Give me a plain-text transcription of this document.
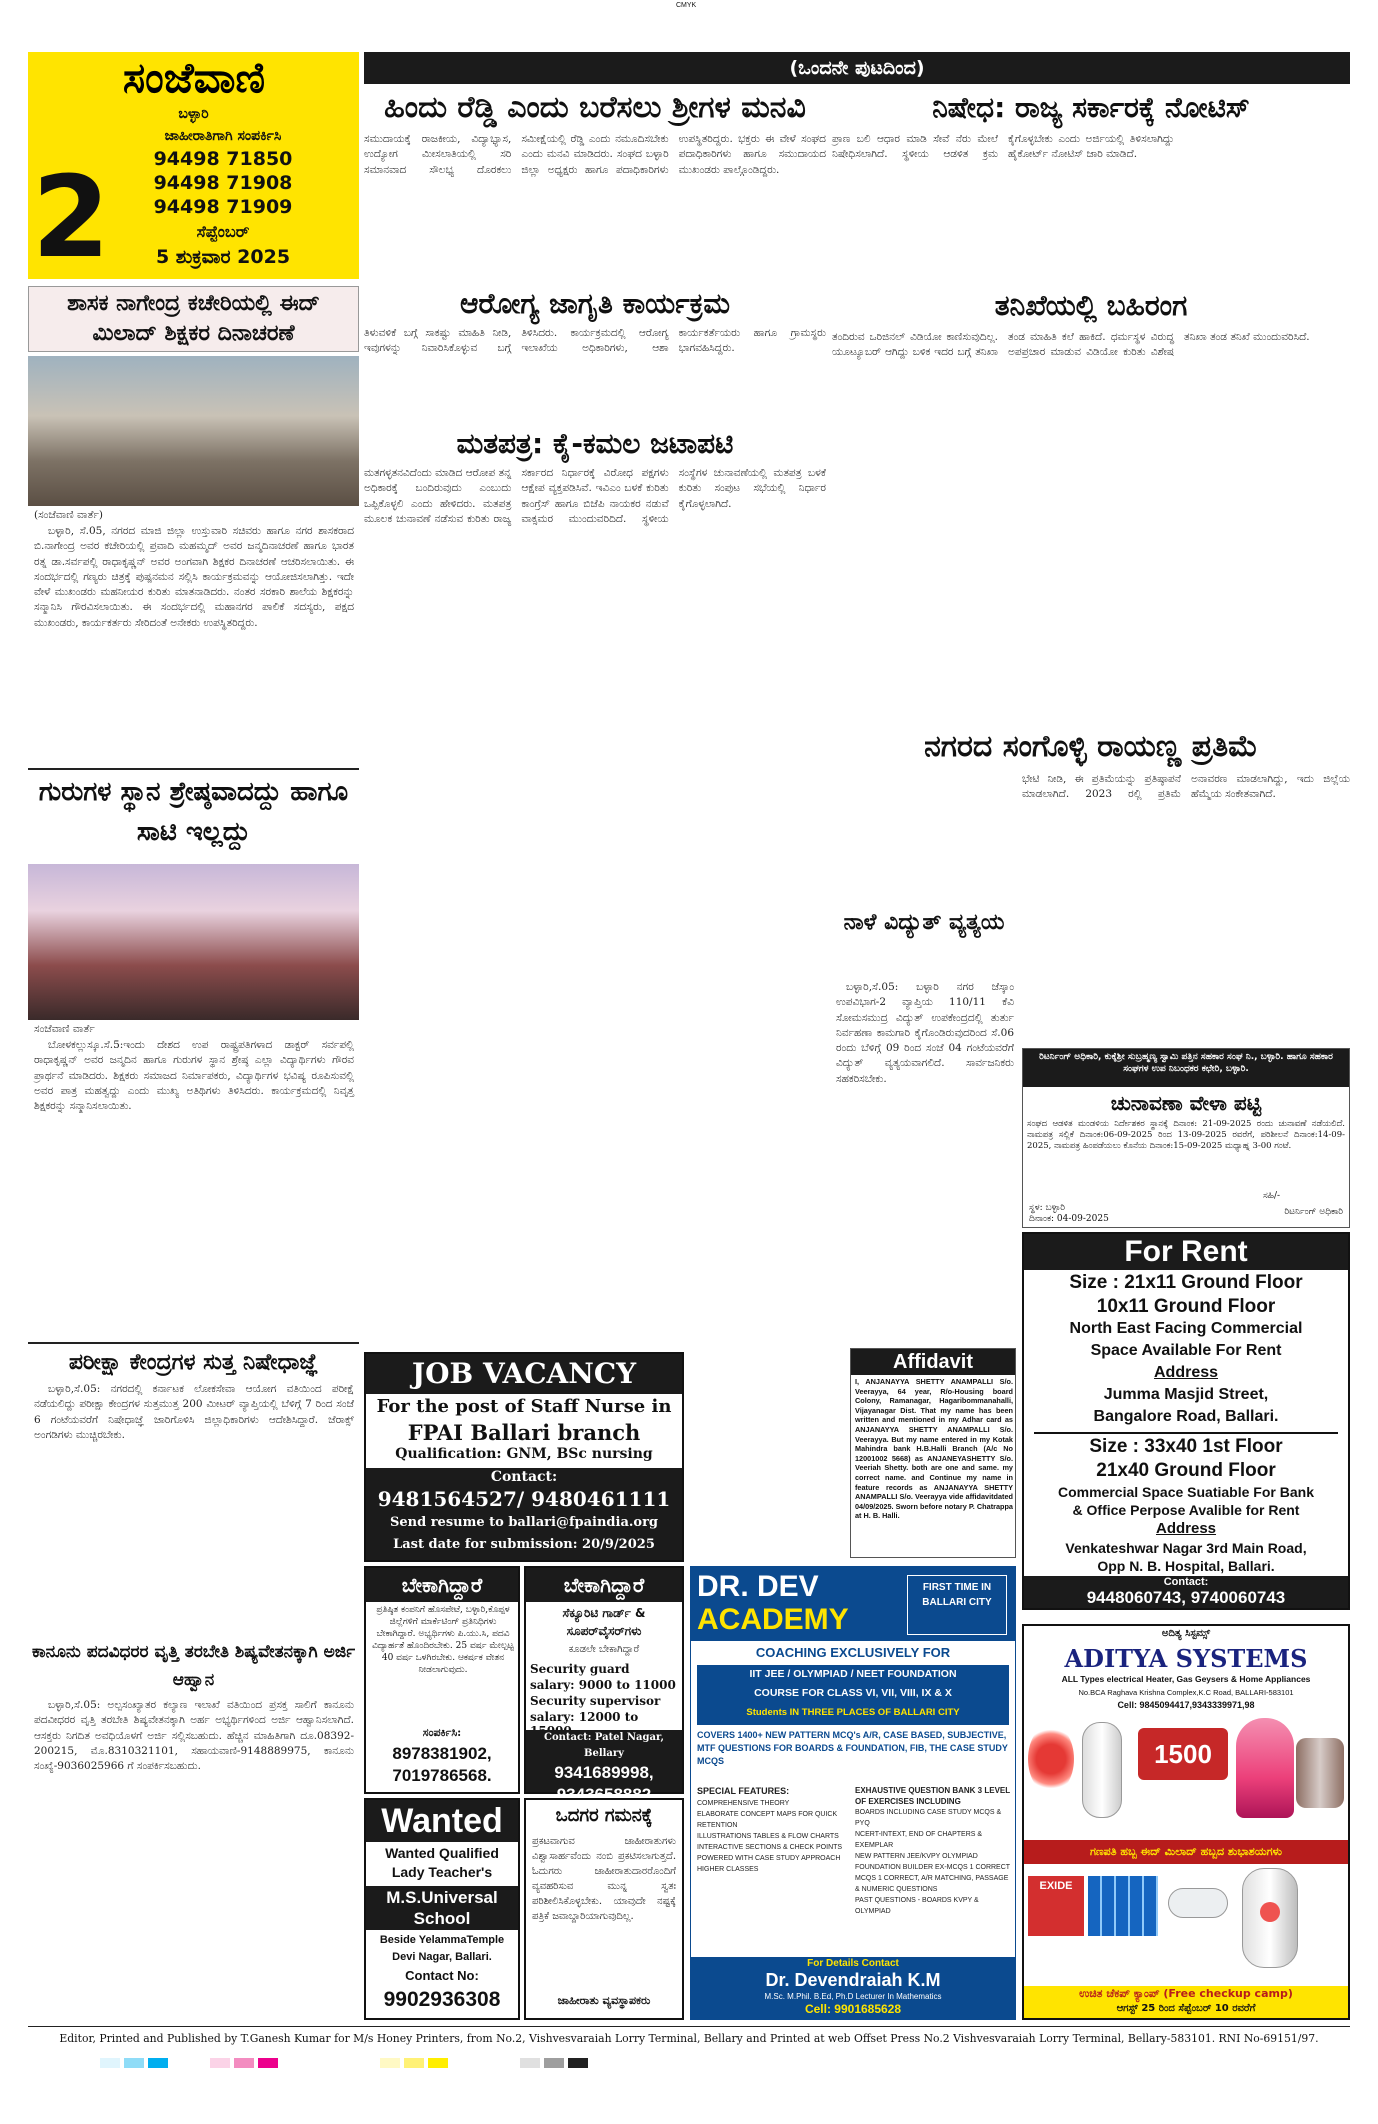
CMYK
ಸಂಜೆವಾಣಿ
ಬಳ್ಳಾರಿ
ಜಾಹೀರಾತಿಗಾಗಿ ಸಂಪರ್ಕಿಸಿ
2	94498 71850
94498 71908
94498 71909
ಸೆಪ್ಟೆಂಬರ್
5 ಶುಕ್ರವಾರ 2025
(ಒಂದನೇ ಪುಟದಿಂದ)
ಶಾಸಕ ನಾಗೇಂದ್ರ ಕಚೇರಿಯಲ್ಲಿ ಈದ್ ಮಿಲಾದ್ ಶಿಕ್ಷಕರ ದಿನಾಚರಣೆ
(ಸಂಜೆವಾಣಿ ವಾರ್ತೆ)
ಬಳ್ಳಾರಿ, ಸೆ.05, ನಗರದ ಮಾಜಿ ಜಿಲ್ಲಾ ಉಸ್ತುವಾರಿ ಸಚಿವರು ಹಾಗೂ ನಗರ ಶಾಸಕರಾದ ಬಿ.ನಾಗೇಂದ್ರ ಅವರ ಕಚೇರಿಯಲ್ಲಿ ಪ್ರವಾದಿ ಮಹಮ್ಮದ್ ಅವರ ಜನ್ಮದಿನಾಚರಣೆ ಹಾಗೂ ಭಾರತ ರತ್ನ ಡಾ.ಸರ್ವಪಲ್ಲಿ ರಾಧಾಕೃಷ್ಣನ್ ಅವರ ಅಂಗವಾಗಿ ಶಿಕ್ಷಕರ ದಿನಾಚರಣೆ ಆಚರಿಸಲಾಯಿತು. ಈ ಸಂದರ್ಭದಲ್ಲಿ ಗಣ್ಯರು ಚಿತ್ರಕ್ಕೆ ಪುಷ್ಪನಮನ ಸಲ್ಲಿಸಿ ಕಾರ್ಯಕ್ರಮವನ್ನು ಆಯೋಜಿಸಲಾಗಿತ್ತು. ಇದೇ ವೇಳೆ ಮುಖಂಡರು ಮಹನೀಯರ ಕುರಿತು ಮಾತನಾಡಿದರು. ನಂತರ ಸರಕಾರಿ ಶಾಲೆಯ ಶಿಕ್ಷಕರನ್ನು ಸನ್ಮಾನಿಸಿ ಗೌರವಿಸಲಾಯಿತು. ಈ ಸಂದರ್ಭದಲ್ಲಿ ಮಹಾನಗರ ಪಾಲಿಕೆ ಸದಸ್ಯರು, ಪಕ್ಷದ ಮುಖಂಡರು, ಕಾರ್ಯಕರ್ತರು ಸೇರಿದಂತೆ ಅನೇಕರು ಉಪಸ್ಥಿತರಿದ್ದರು.
ಗುರುಗಳ ಸ್ಥಾನ ಶ್ರೇಷ್ಠವಾದದ್ದು ಹಾಗೂ ಸಾಟಿ ಇಲ್ಲದ್ದು
ಸಂಜೆವಾಣಿ ವಾರ್ತೆ
ಬೋಳಕಲ್ಲುಸ್ಕೂ.ಸೆ.5:ಇಂದು ದೇಶದ ಉಪ ರಾಷ್ಟ್ರಪತಿಗಳಾದ ಡಾಕ್ಟರ್ ಸರ್ವಪಲ್ಲಿ ರಾಧಾಕೃಷ್ಣನ್ ಅವರ ಜನ್ಮದಿನ ಹಾಗೂ ಗುರುಗಳ ಸ್ಥಾನ ಶ್ರೇಷ್ಠ ಎಲ್ಲಾ ವಿದ್ಯಾರ್ಥಿಗಳು ಗೌರವ ಪ್ರಾರ್ಥನೆ ಮಾಡಿದರು. ಶಿಕ್ಷಕರು ಸಮಾಜದ ನಿರ್ಮಾಪಕರು, ವಿದ್ಯಾರ್ಥಿಗಳ ಭವಿಷ್ಯ ರೂಪಿಸುವಲ್ಲಿ ಅವರ ಪಾತ್ರ ಮಹತ್ವದ್ದು ಎಂದು ಮುಖ್ಯ ಅತಿಥಿಗಳು ತಿಳಿಸಿದರು. ಕಾರ್ಯಕ್ರಮದಲ್ಲಿ ನಿವೃತ್ತ ಶಿಕ್ಷಕರನ್ನು ಸನ್ಮಾನಿಸಲಾಯಿತು.
ಪರೀಕ್ಷಾ ಕೇಂದ್ರಗಳ ಸುತ್ತ ನಿಷೇಧಾಜ್ಞೆ
ಬಳ್ಳಾರಿ,ಸೆ.05: ನಗರದಲ್ಲಿ ಕರ್ನಾಟಕ ಲೋಕಸೇವಾ ಆಯೋಗ ವತಿಯಿಂದ ಪರೀಕ್ಷೆ ನಡೆಯಲಿದ್ದು ಪರೀಕ್ಷಾ ಕೇಂದ್ರಗಳ ಸುತ್ತಮುತ್ತ 200 ಮೀಟರ್ ವ್ಯಾಪ್ತಿಯಲ್ಲಿ ಬೆಳಿಗ್ಗೆ 7 ರಿಂದ ಸಂಜೆ 6 ಗಂಟೆಯವರೆಗೆ ನಿಷೇಧಾಜ್ಞೆ ಜಾರಿಗೊಳಿಸಿ ಜಿಲ್ಲಾಧಿಕಾರಿಗಳು ಆದೇಶಿಸಿದ್ದಾರೆ. ಜೆರಾಕ್ಸ್ ಅಂಗಡಿಗಳು ಮುಚ್ಚಿರಬೇಕು.
ಕಾನೂನು ಪದವಿಧರರ ವೃತ್ತಿ ತರಬೇತಿ ಶಿಷ್ಯವೇತನಕ್ಕಾಗಿ ಅರ್ಜಿ ಆಹ್ವಾನ
ಬಳ್ಳಾರಿ,ಸೆ.05: ಅಲ್ಪಸಂಖ್ಯಾತರ ಕಲ್ಯಾಣ ಇಲಾಖೆ ವತಿಯಿಂದ ಪ್ರಸಕ್ತ ಸಾಲಿಗೆ ಕಾನೂನು ಪದವೀಧರರ ವೃತ್ತಿ ತರಬೇತಿ ಶಿಷ್ಯವೇತನಕ್ಕಾಗಿ ಅರ್ಹ ಅಭ್ಯರ್ಥಿಗಳಿಂದ ಅರ್ಜಿ ಆಹ್ವಾನಿಸಲಾಗಿದೆ. ಆಸಕ್ತರು ನಿಗದಿತ ಅವಧಿಯೊಳಗೆ ಅರ್ಜಿ ಸಲ್ಲಿಸಬಹುದು. ಹೆಚ್ಚಿನ ಮಾಹಿತಿಗಾಗಿ ದೂ.08392-200215, ಮೊ.8310321101, ಸಹಾಯವಾಣಿ-9148889975, ಕಾನೂನು ಸಂಖ್ಯೆ-9036025966 ಗೆ ಸಂಪರ್ಕಿಸಬಹುದು.
ಹಿಂದು ರೆಡ್ಡಿ ಎಂದು ಬರೆಸಲು ಶ್ರೀಗಳ ಮನವಿ
ಸಮುದಾಯಕ್ಕೆ ರಾಜಕೀಯ, ವಿದ್ಯಾಭ್ಯಾಸ, ಉದ್ಯೋಗ ಮೀಸಲಾತಿಯಲ್ಲಿ ಸರಿ ಸಮಾನವಾದ ಸೌಲಭ್ಯ ದೊರಕಲು ಸಮೀಕ್ಷೆಯಲ್ಲಿ ರೆಡ್ಡಿ ಎಂದು ನಮೂದಿಸಬೇಕು ಎಂದು ಮನವಿ ಮಾಡಿದರು. ಸಂಘದ ಬಳ್ಳಾರಿ ಜಿಲ್ಲಾ ಅಧ್ಯಕ್ಷರು ಹಾಗೂ ಪದಾಧಿಕಾರಿಗಳು ಉಪಸ್ಥಿತರಿದ್ದರು. ಭಕ್ತರು ಈ ವೇಳೆ ಸಂಘದ ಪದಾಧಿಕಾರಿಗಳು ಹಾಗೂ ಸಮುದಾಯದ ಮುಖಂಡರು ಪಾಲ್ಗೊಂಡಿದ್ದರು.
ಆರೋಗ್ಯ ಜಾಗೃತಿ ಕಾರ್ಯಕ್ರಮ
ತಿಳುವಳಿಕೆ ಬಗ್ಗೆ ಸಾಕಷ್ಟು ಮಾಹಿತಿ ನೀಡಿ, ಇವುಗಳನ್ನು ನಿವಾರಿಸಿಕೊಳ್ಳುವ ಬಗ್ಗೆ ತಿಳಿಸಿದರು. ಕಾರ್ಯಕ್ರಮದಲ್ಲಿ ಆರೋಗ್ಯ ಇಲಾಖೆಯ ಅಧಿಕಾರಿಗಳು, ಆಶಾ ಕಾರ್ಯಕರ್ತೆಯರು ಹಾಗೂ ಗ್ರಾಮಸ್ಥರು ಭಾಗವಹಿಸಿದ್ದರು.
ಮತಪತ್ರ: ಕೈ-ಕಮಲ ಜಟಾಪಟಿ
ಮತಗಳ್ಳತನವಿದೆಂದು ಮಾಡಿದ ಆರೋಪ ತನ್ನ ಅಧಿಕಾರಕ್ಕೆ ಬಂದಿರುವುದು ಎಂಬುದು ಒಪ್ಪಿಕೊಳ್ಳಲಿ ಎಂದು ಹೇಳಿದರು. ಮತಪತ್ರ ಮೂಲಕ ಚುನಾವಣೆ ನಡೆಸುವ ಕುರಿತು ರಾಜ್ಯ ಸರ್ಕಾರದ ನಿರ್ಧಾರಕ್ಕೆ ವಿರೋಧ ಪಕ್ಷಗಳು ಆಕ್ಷೇಪ ವ್ಯಕ್ತಪಡಿಸಿವೆ. ಇವಿಎಂ ಬಳಕೆ ಕುರಿತು ಕಾಂಗ್ರೆಸ್ ಹಾಗೂ ಬಿಜೆಪಿ ನಾಯಕರ ನಡುವೆ ವಾಕ್ಸಮರ ಮುಂದುವರಿದಿದೆ. ಸ್ಥಳೀಯ ಸಂಸ್ಥೆಗಳ ಚುನಾವಣೆಯಲ್ಲಿ ಮತಪತ್ರ ಬಳಕೆ ಕುರಿತು ಸಂಪುಟ ಸಭೆಯಲ್ಲಿ ನಿರ್ಧಾರ ಕೈಗೊಳ್ಳಲಾಗಿದೆ.
ನಿಷೇಧ: ರಾಜ್ಯ ಸರ್ಕಾರಕ್ಕೆ ನೋಟಿಸ್
ಪ್ರಾಣ ಬಲಿ ಆಧಾರ ಮಾಡಿ ಸೇವೆ ನೆರು ಮೇಲೆ ನಿಷೇಧಿಸಲಾಗಿದೆ. ಸ್ಥಳೀಯ ಆಡಳಿತ ಕ್ರಮ ಕೈಗೊಳ್ಳಬೇಕು ಎಂದು ಅರ್ಜಿಯಲ್ಲಿ ತಿಳಿಸಲಾಗಿದ್ದು ಹೈಕೋರ್ಟ್ ನೋಟಿಸ್ ಜಾರಿ ಮಾಡಿದೆ.
ತನಿಖೆಯಲ್ಲಿ ಬಹಿರಂಗ
ತಂದಿರುವ ಒರಿಜಿನಲ್ ವಿಡಿಯೋ ಕಾಣಿಸುವುದಿಲ್ಲ. ಯೂಟ್ಯೂಬರ್ ಆಗಿದ್ದು ಬಳಿಕ ಇದರ ಬಗ್ಗೆ ತನಿಖಾ ತಂಡ ಮಾಹಿತಿ ಕಲೆ ಹಾಕಿದೆ. ಧರ್ಮಸ್ಥಳ ವಿರುದ್ಧ ಅಪಪ್ರಚಾರ ಮಾಡುವ ವಿಡಿಯೋ ಕುರಿತು ವಿಶೇಷ ತನಿಖಾ ತಂಡ ತನಿಖೆ ಮುಂದುವರಿಸಿದೆ.
ನಗರದ ಸಂಗೊಳ್ಳಿ ರಾಯಣ್ಣ ಪ್ರತಿಮೆ
ಭೇಟಿ ನೀಡಿ, ಈ ಪ್ರತಿಮೆಯನ್ನು ಪ್ರತಿಷ್ಠಾಪನೆ ಮಾಡಲಾಗಿದೆ. 2023 ರಲ್ಲಿ ಪ್ರತಿಮೆ ಅನಾವರಣ ಮಾಡಲಾಗಿದ್ದು, ಇದು ಜಿಲ್ಲೆಯ ಹೆಮ್ಮೆಯ ಸಂಕೇತವಾಗಿದೆ.
ನಾಳೆ ವಿದ್ಯುತ್ ವ್ಯತ್ಯಯ
ಬಳ್ಳಾರಿ,ಸೆ.05: ಬಳ್ಳಾರಿ ನಗರ ಜೆಸ್ಕಾಂ ಉಪವಿಭಾಗ-2 ವ್ಯಾಪ್ತಿಯ 110/11 ಕೆವಿ ಸೋಮಸಮುದ್ರ ವಿದ್ಯುತ್ ಉಪಕೇಂದ್ರದಲ್ಲಿ ತುರ್ತು ನಿರ್ವಹಣಾ ಕಾಮಗಾರಿ ಕೈಗೊಂಡಿರುವುದರಿಂದ ಸೆ.06 ರಂದು ಬೆಳಿಗ್ಗೆ 09 ರಿಂದ ಸಂಜೆ 04 ಗಂಟೆಯವರೆಗೆ ವಿದ್ಯುತ್ ವ್ಯತ್ಯಯವಾಗಲಿದೆ. ಸಾರ್ವಜನಿಕರು ಸಹಕರಿಸಬೇಕು.
ರಿಟರ್ನಿಂಗ್ ಅಧಿಕಾರಿ, ಕುಕ್ಕೆಶ್ರೀ ಸುಬ್ರಹ್ಮಣ್ಯ ಸ್ವಾಮಿ ಪತ್ತಿನ ಸಹಕಾರ ಸಂಘ ನಿ., ಬಳ್ಳಾರಿ. ಹಾಗೂ ಸಹಕಾರ ಸಂಘಗಳ ಉಪ ನಿಬಂಧಕರ ಕಛೇರಿ, ಬಳ್ಳಾರಿ.
ಚುನಾವಣಾ ವೇಳಾ ಪಟ್ಟಿ
ಸಂಘದ ಆಡಳಿತ ಮಂಡಳಿಯ ನಿರ್ದೇಶಕರ ಸ್ಥಾನಕ್ಕೆ ದಿನಾಂಕ: 21-09-2025 ರಂದು ಚುನಾವಣೆ ನಡೆಯಲಿದೆ. ನಾಮಪತ್ರ ಸಲ್ಲಿಕೆ ದಿನಾಂಕ:06-09-2025 ರಿಂದ 13-09-2025 ರವರೆಗೆ, ಪರಿಶೀಲನೆ ದಿನಾಂಕ:14-09-2025, ನಾಮಪತ್ರ ಹಿಂಪಡೆಯಲು ಕೊನೆಯ ದಿನಾಂಕ:15-09-2025 ಮಧ್ಯಾಹ್ನ 3-00 ಗಂಟೆ.
ಸಹಿ/-
ಸ್ಥಳ: ಬಳ್ಳಾರಿ
ದಿನಾಂಕ: 04-09-2025
ರಿಟರ್ನಿಂಗ್ ಅಧಿಕಾರಿ
For Rent
Size : 21x11 Ground Floor
10x11 Ground Floor
North East Facing Commercial
Space Available For Rent
Address
Jumma Masjid Street,
Bangalore Road, Ballari.
Size : 33x40 1st Floor
21x40 Ground Floor
Commercial Space Suatiable For Bank
& Office Perpose Avalible for Rent
Address
Venkateshwar Nagar 3rd Main Road,
Opp N. B. Hospital, Ballari.
Contact:
9448060743, 9740060743
JOB VACANCY
For the post of Staff Nurse in
FPAI Ballari branch
Qualification: GNM, BSc nursing
Contact:
9481564527/ 9480461111
Send resume to ballari@fpaindia.org
Last date for submission: 20/9/2025
Affidavit
I, ANJANAYYA SHETTY ANAMPALLI S/o. Veerayya, 64 year, R/o-Housing board Colony, Ramanagar, Hagaribommanahalli, Vijayanagar Dist. That my name has been written and mentioned in my Adhar card as ANJANAYYA SHETTY ANAMPALLI S/o. Veerayya. But my name entered in my Kotak Mahindra bank H.B.Halli Branch (A/c No 12001002 5668) as ANJANEYASHETTY S/o. Veeriah Shetty. both are one and same. my correct name. and Continue my name in feature records as ANJANAYYA SHETTY ANAMPALLI S/o. Veerayya vide affidavitdated 04/09/2025. Sworn before notary P. Chatrappa at H. B. Halli.
ಬೇಕಾಗಿದ್ದಾರೆ
ಪ್ರತಿಷ್ಠಿತ ಕಂಪನಿಗೆ ಹೊಸಪೇಟೆ, ಬಳ್ಳಾರಿ,ಕೊಪ್ಪಳ ಜಿಲ್ಲೆಗಳಿಗೆ ಮಾರ್ಕೆಟಿಂಗ್ ಪ್ರತಿನಿಧಿಗಳು ಬೇಕಾಗಿದ್ದಾರೆ. ಅಭ್ಯರ್ಥಿಗಳು ಪಿ.ಯು.ಸಿ, ಪದವಿ ವಿದ್ಯಾರ್ಹತೆ ಹೊಂದಿರಬೇಕು. 25 ವರ್ಷ ಮೇಲ್ಪಟ್ಟ 40 ವರ್ಷ ಒಳಗಿರಬೇಕು. ಆಕರ್ಷಕ ವೇತನ ನೀಡಲಾಗುವುದು.
ಸಂಪರ್ಕಿಸಿ:
8978381902,
7019786568.
Wanted
Wanted Qualified Lady Teacher's
M.S.Universal School
Beside YelammaTemple Devi Nagar, Ballari.
Contact No:
9902936308
ಬೇಕಾಗಿದ್ದಾರೆ
ಸೆಕ್ಯೂರಿಟಿ ಗಾರ್ಡ್ & ಸೂಪರ್‌ವೈಸರ್‌ಗಳು
ಕೂಡಲೇ ಬೇಕಾಗಿದ್ದಾರೆ
Security guard
salary: 9000 to 11000
Security supervisor
salary: 12000 to
Contact: Patel Nagar, Bellary
9341689998,
9343658882
ಒದಗರ ಗಮನಕ್ಕೆ
ಪ್ರಕಟವಾಗುವ ಜಾಹೀರಾತುಗಳು ವಿಶ್ವಾಸಾರ್ಹವೆಂದು ನಂಬಿ ಪ್ರಕಟಿಸಲಾಗುತ್ತದೆ. ಓದುಗರು ಜಾಹೀರಾತುದಾರರೊಂದಿಗೆ ವ್ಯವಹರಿಸುವ ಮುನ್ನ ಸ್ವತಃ ಪರಿಶೀಲಿಸಿಕೊಳ್ಳಬೇಕು. ಯಾವುದೇ ನಷ್ಟಕ್ಕೆ ಪತ್ರಿಕೆ ಜವಾಬ್ದಾರಿಯಾಗುವುದಿಲ್ಲ.
ಜಾಹೀರಾತು ವ್ಯವಸ್ಥಾಪಕರು
DR. DEV
ACADEMY
FIRST TIME IN BALLARI CITY
COACHING EXCLUSIVELY FOR
IIT JEE / OLYMPIAD / NEET FOUNDATION
COURSE FOR CLASS VI, VII, VIII, IX & X
Students IN THREE PLACES OF BALLARI CITY
COVERS 1400+ NEW PATTERN MCQ's A/R, CASE BASED, SUBJECTIVE, MTF QUESTIONS FOR BOARDS & FOUNDATION, FIB, THE CASE STUDY MCQS
SPECIAL FEATURES:
COMPREHENSIVE THEORY
ELABORATE CONCEPT MAPS FOR QUICK RETENTION
ILLUSTRATIONS TABLES & FLOW CHARTS
INTERACTIVE SECTIONS & CHECK POINTS
POWERED WITH CASE STUDY APPROACH
HIGHER CLASSES
EXHAUSTIVE QUESTION BANK 3 LEVEL OF EXERCISES INCLUDING
BOARDS INCLUDING CASE STUDY MCQS & PYQ
NCERT-INTEXT, END OF CHAPTERS & EXEMPLAR
NEW PATTERN JEE/KVPY OLYMPIAD
FOUNDATION BUILDER EX-MCQS 1 CORRECT
MCQS 1 CORRECT, A/R MATCHING, PASSAGE & NUMERIC QUESTIONS
PAST QUESTIONS - BOARDS KVPY & OLYMPIAD
For Details Contact
Dr. Devendraiah K.M
M.Sc. M.Phil. B.Ed, Ph.D Lecturer In Mathematics
Cell: 9901685628
ಅದಿತ್ಯ ಸಿಸ್ಟಮ್ಸ್
ADITYA SYSTEMS
ALL Types electrical Heater, Gas Geysers & Home Appliances
No.BCA Raghava Krishna Complex,K.C Road, BALLARI-583101
Cell: 9845094417,9343339971,98
1500
ಗಣಪತಿ ಹಬ್ಬ ಈದ್ ಮಿಲಾದ್ ಹಬ್ಬದ ಶುಭಾಶಯಗಳು
EXIDE
ಉಚಿತ ಚೆಕಪ್ ಕ್ಯಾಂಪ್ (Free checkup camp)
ಆಗಸ್ಟ್ 25 ರಿಂದ ಸೆಪ್ಟೆಂಬರ್ 10 ರವರೆಗೆ
Editor, Printed and Published by T.Ganesh Kumar for M/s Honey Printers, from No.2, Vishvesvaraiah Lorry Terminal, Bellary and Printed at web Offset Press No.2 Vishvesvaraiah Lorry Terminal, Bellary-583101. RNI No-69151/97.
